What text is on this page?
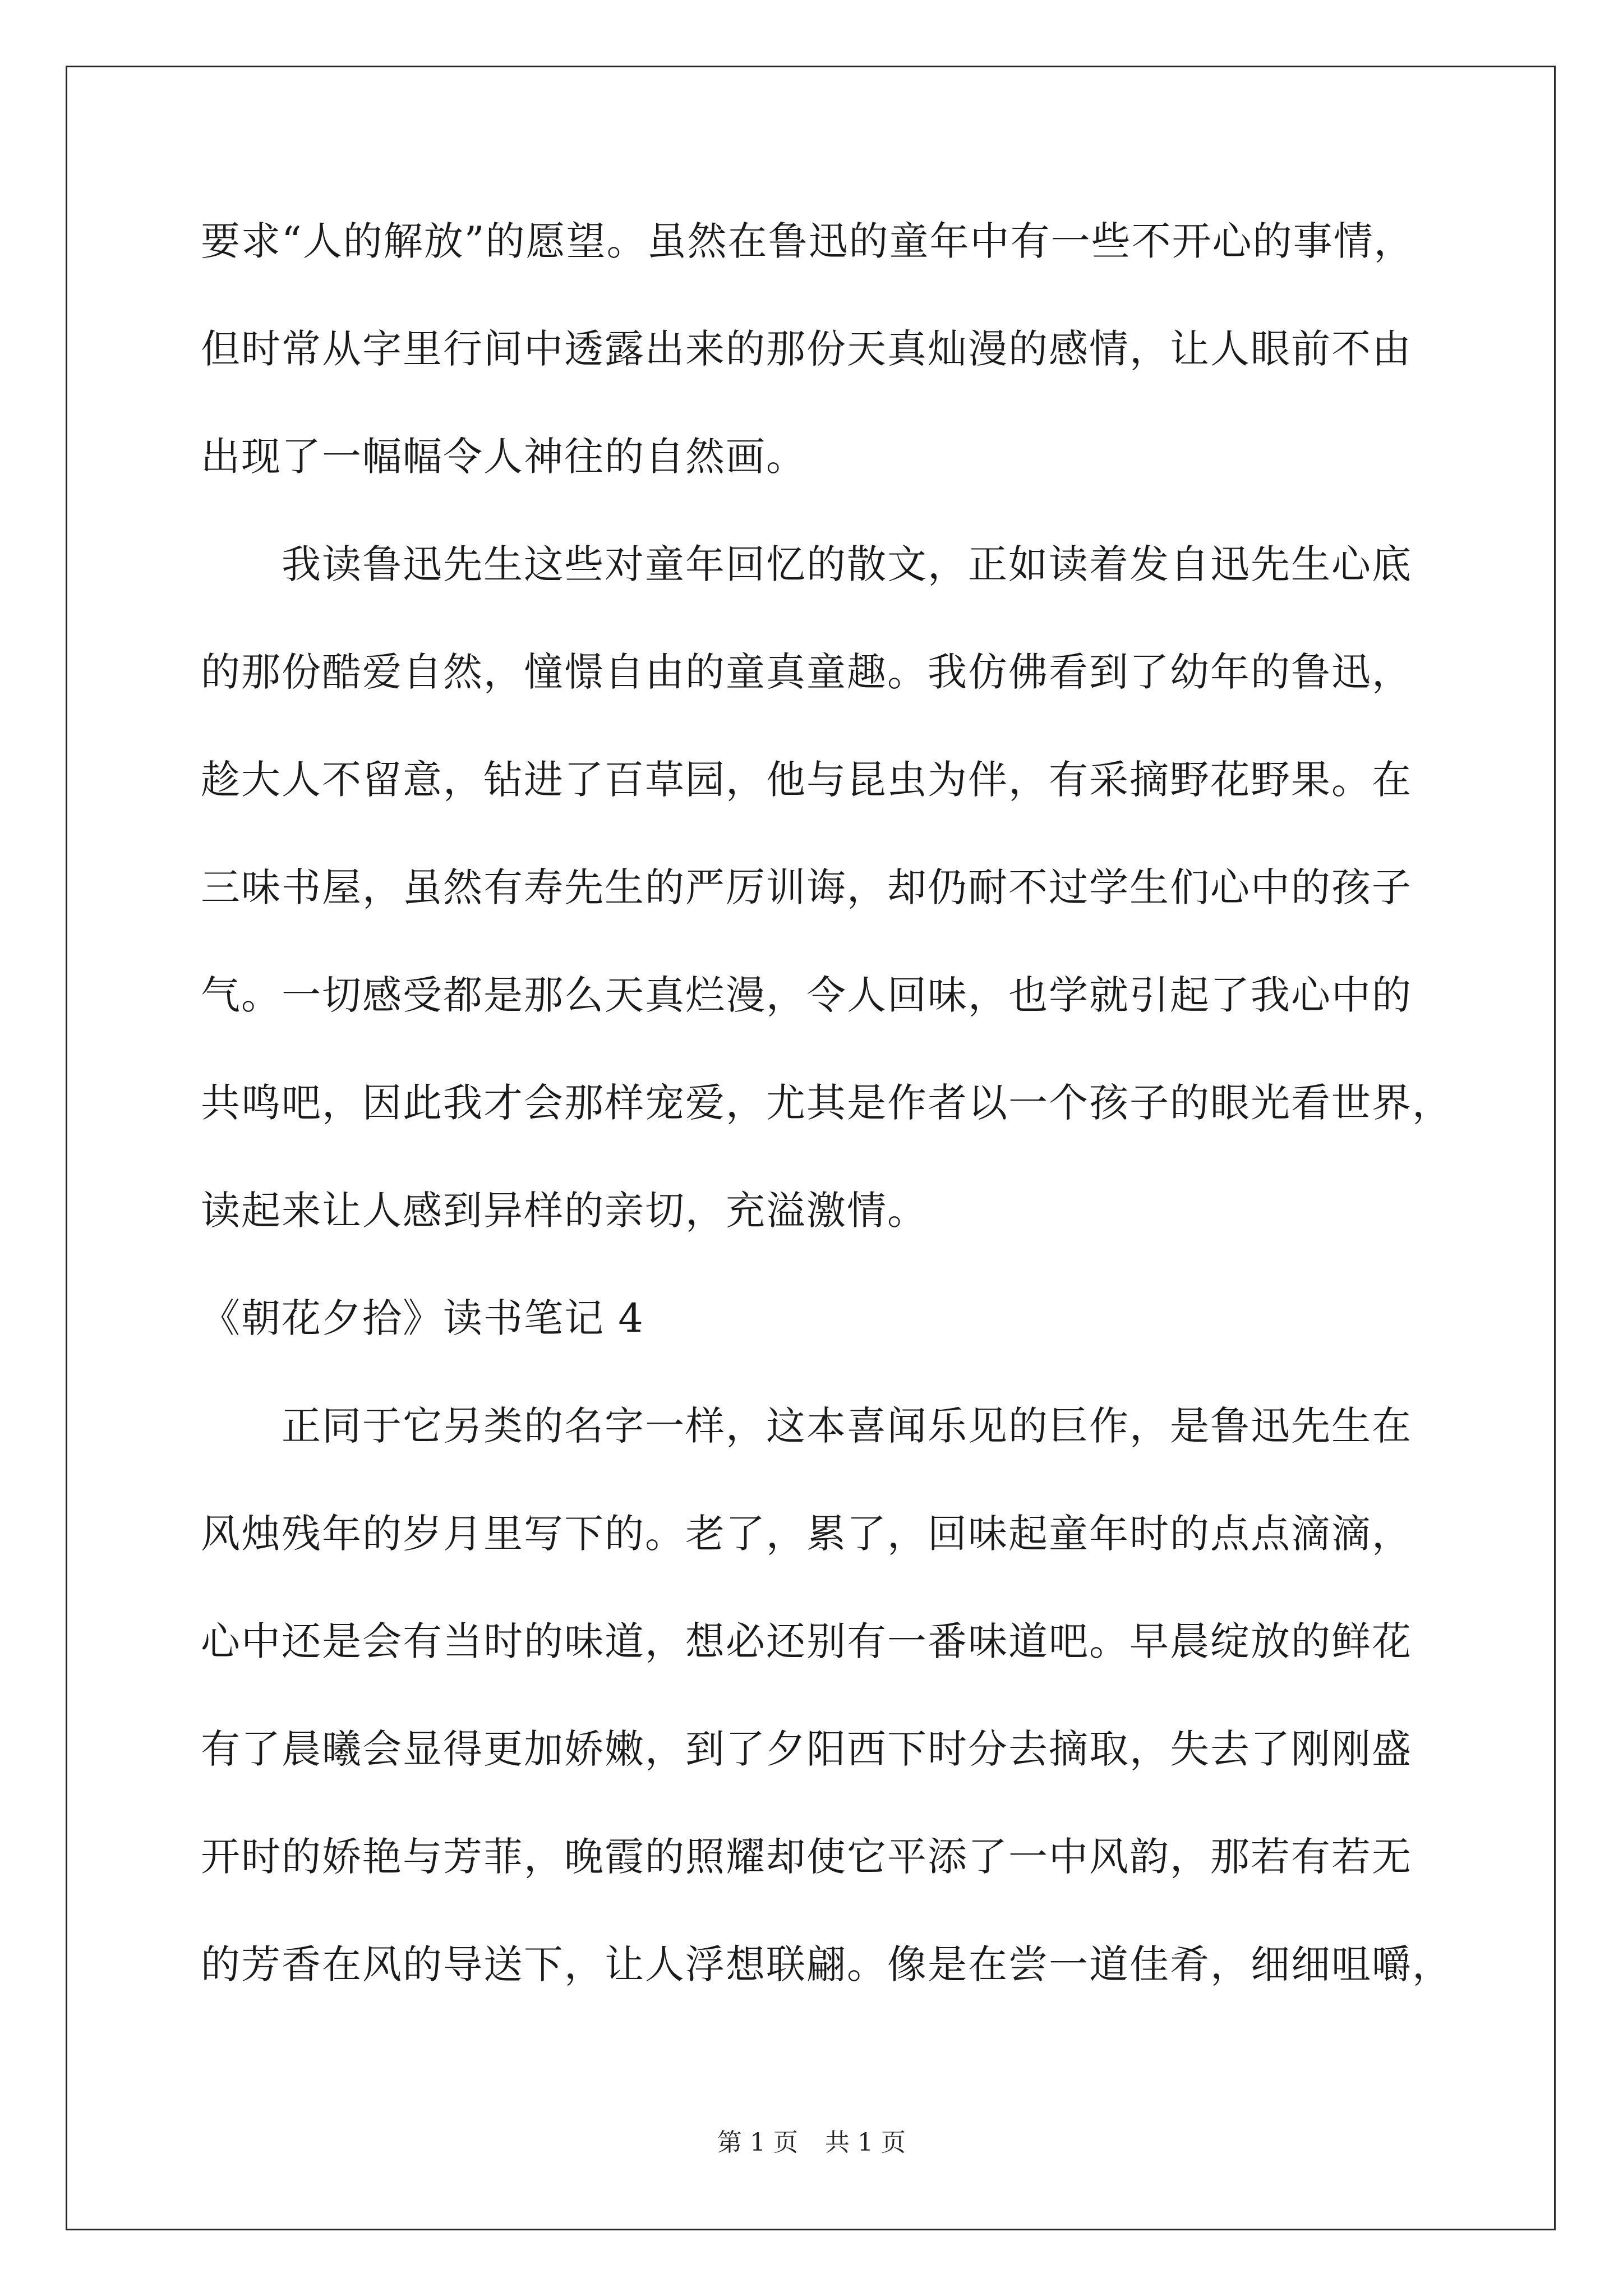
要求“人的解放”的愿望。虽然在鲁迅的童年中有一些不开心的事情，
但时常从字里行间中透露出来的那份天真灿漫的感情，让人眼前不由
出现了一幅幅令人神往的自然画。
　　我读鲁迅先生这些对童年回忆的散文，正如读着发自迅先生心底
的那份酷爱自然，憧憬自由的童真童趣。我仿佛看到了幼年的鲁迅，
趁大人不留意，钻进了百草园，他与昆虫为伴，有采摘野花野果。在
三味书屋，虽然有寿先生的严厉训诲，却仍耐不过学生们心中的孩子
气。一切感受都是那么天真烂漫，令人回味，也学就引起了我心中的
共鸣吧，因此我才会那样宠爱，尤其是作者以一个孩子的眼光看世界，
读起来让人感到异样的亲切，充溢激情。
《朝花夕拾》读书笔记 4
　　正同于它另类的名字一样，这本喜闻乐见的巨作，是鲁迅先生在
风烛残年的岁月里写下的。老了，累了，回味起童年时的点点滴滴，
心中还是会有当时的味道，想必还别有一番味道吧。早晨绽放的鲜花
有了晨曦会显得更加娇嫩，到了夕阳西下时分去摘取，失去了刚刚盛
开时的娇艳与芳菲，晚霞的照耀却使它平添了一中风韵，那若有若无
的芳香在风的导送下，让人浮想联翩。像是在尝一道佳肴，细细咀嚼，
第 1 页 共 1 页
